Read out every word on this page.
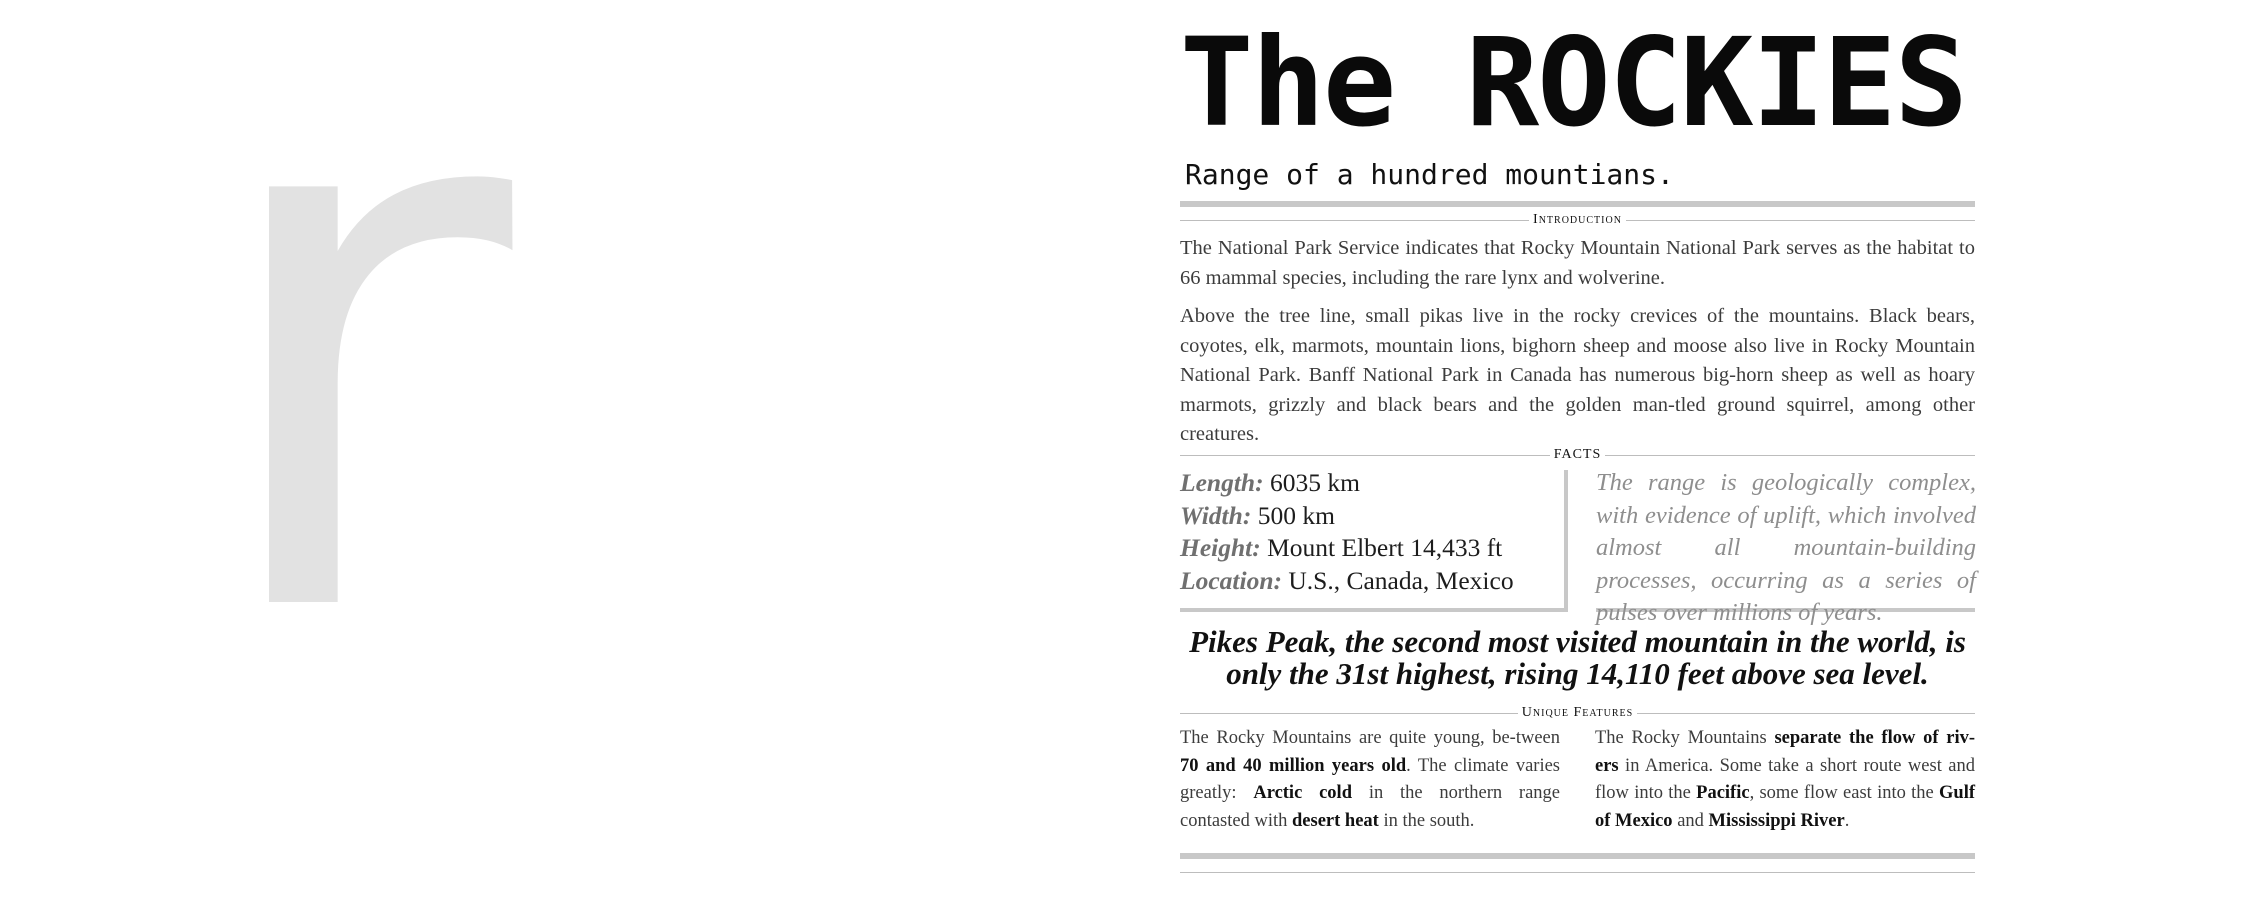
r	The ROCKIES

Range of a hundred mountians.

Introduction

The National Park Service indicates that Rocky Mountain National Park serves as the habitat to 66 mammal species, including the rare lynx and wolverine.

Above the tree line, small pikas live in the rocky crevices of the mountains. Black bears, coyotes, elk, marmots, mountain lions, bighorn sheep and moose also live in Rocky Mountain National Park. Banff National Park in Canada has numerous big-horn sheep as well as hoary marmots, grizzly and black bears and the golden man-tled ground squirrel, among other creatures.

FACTS
Length: 6035 km
Width: 500 km
Height: Mount Elbert 14,433 ft
Location: U.S., Canada, Mexico

The range is geologically complex, with evidence of uplift, which involved almost all mountain-building processes, occurring as a series of pulses over millions of years.

Pikes Peak, the second most visited mountain in the world, is only the 31st highest, rising 14,110 feet above sea level.

Unique Features

The Rocky Mountains are quite young, be-tween 70 and 40 million years old. The climate varies greatly: Arctic cold in the northern range contasted with desert heat in the south.

The Rocky Mountains separate the flow of riv-ers in America. Some take a short route west and flow into the Pacific, some flow east into the Gulf of Mexico and Mississippi River.
